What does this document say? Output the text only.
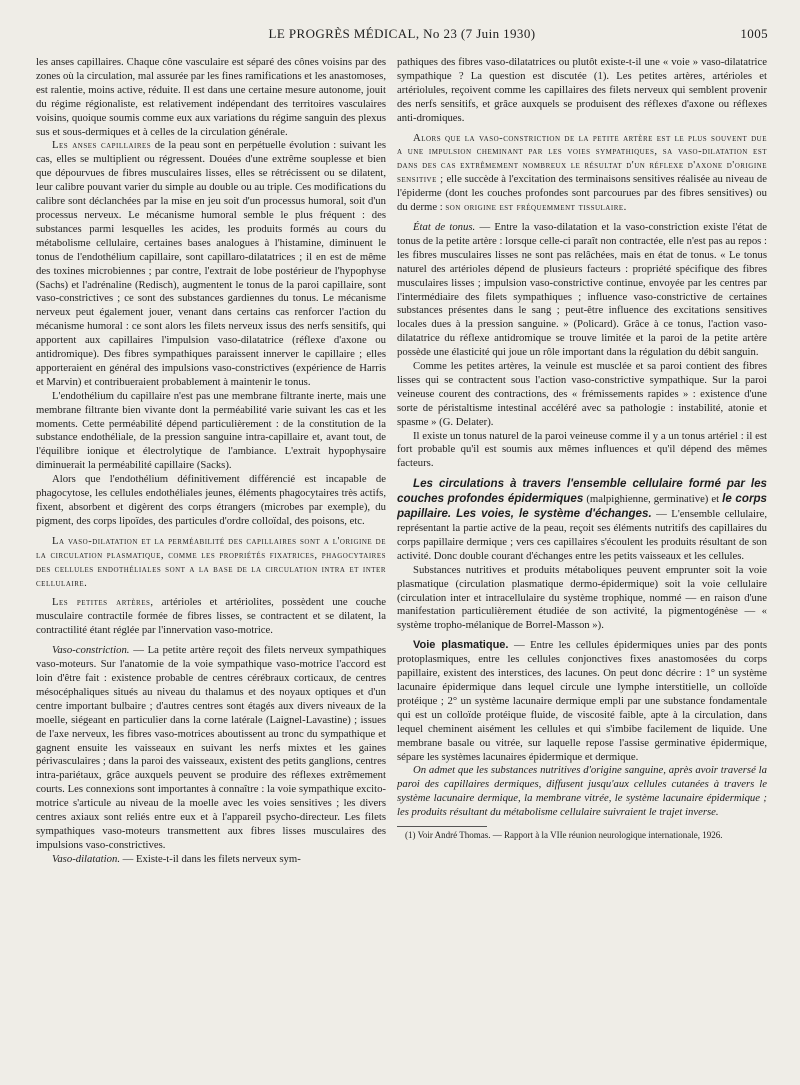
LE PROGRÈS MÉDICAL, No 23 (7 Juin 1930)	1005

les anses capillaires. Chaque cône vasculaire est séparé des cônes voisins par des zones où la circulation, mal assurée par les fines ramifications et les anastomoses, est ralentie, moins active, réduite. Il est dans une certaine mesure autonome, jouit du régime régionaliste, est relativement indépendant des territoires vasculaires voisins, quoique soumis comme eux aux variations du régime sanguin des plexus sus et sous-dermiques et à celles de la circulation générale.

Les anses capillaires de la peau sont en perpétuelle évolution : suivant les cas, elles se multiplient ou régressent. Douées d'une extrême souplesse et bien que dépourvues de fibres musculaires lisses, elles se rétrécissent ou se dilatent, leur calibre pouvant varier du simple au double ou au triple. Ces modifications du calibre sont déclanchées par la mise en jeu soit d'un processus humoral, soit d'un processus nerveux. Le mécanisme humoral semble le plus fréquent : des substances parmi lesquelles les acides, les produits formés au cours du métabolisme cellulaire, certaines bases analogues à l'histamine, diminuent le tonus de l'endothélium capillaire, sont capillaro-dilatatrices ; il en est de même des toxines microbiennes ; par contre, l'extrait de lobe postérieur de l'hypophyse (Sachs) et l'adrénaline (Redisch), augmentent le tonus de la paroi capillaire, sont vaso-constrictives ; ce sont des substances gardiennes du tonus. Le mécanisme nerveux peut également jouer, venant dans certains cas renforcer l'action du mécanisme humoral : ce sont alors les filets nerveux issus des nerfs sensitifs, qui apportent aux capillaires l'impulsion vaso-dilatatrice (réflexe d'axone ou antidromique). Des fibres sympathiques paraissent innerver le capillaire ; elles apporteraient en général des impulsions vaso-constrictives (expérience de Harris et Marvin) et contribueraient probablement à maintenir le tonus.

L'endothélium du capillaire n'est pas une membrane filtrante inerte, mais une membrane filtrante bien vivante dont la perméabilité varie suivant les cas et les moments. Cette perméabilité dépend particulièrement : de la constitution de la substance endothéliale, de la pression sanguine intra-capillaire et, avant tout, de l'équilibre ionique et électrolytique de l'ambiance. L'extrait hypophysaire diminuerait la perméabilité capillaire (Sacks).

Alors que l'endothélium définitivement différencié est incapable de phagocytose, les cellules endothéliales jeunes, éléments phagocytaires très actifs, fixent, absorbent et digèrent des corps étrangers (microbes par exemple), du pigment, des corps lipoïdes, des particules d'ordre colloïdal, des poisons, etc.

La vaso-dilatation et la perméabilité des capillaires sont a l'origine de la circulation plasmatique, comme les propriétés fixatrices, phagocytaires des cellules endothéliales sont a la base de la circulation intra et inter cellulaire.

Les petites artères, artérioles et artériolites, possèdent une couche musculaire contractile formée de fibres lisses, se contractent et se dilatent, la contractilité étant réglée par l'innervation vaso-motrice.

Vaso-constriction. — La petite artère reçoit des filets nerveux sympathiques vaso-moteurs. Sur l'anatomie de la voie sympathique vaso-motrice l'accord est loin d'être fait : existence probable de centres cérébraux corticaux, de centres mésocéphaliques situés au niveau du thalamus et des noyaux optiques et d'un centre important bulbaire ; d'autres centres sont étagés aux divers niveaux de la moelle, siégeant en particulier dans la corne latérale (Laignel-Lavastine) ; issues de l'axe nerveux, les fibres vaso-motrices aboutissent au tronc du sympathique et gagnent ensuite les vaisseaux en suivant les nerfs mixtes et les gaines périvasculaires ; dans la paroi des vaisseaux, existent des petits ganglions, centres intra-pariétaux, grâce auxquels peuvent se produire des réflexes extrêmement courts. Les connexions sont importantes à connaître : la voie sympathique excito-motrice s'articule au niveau de la moelle avec les voies sensitives ; les divers centres axiaux sont reliés entre eux et à l'appareil psycho-directeur. Les filets sympathiques vaso-moteurs transmettent aux fibres lisses musculaires des impulsions vaso-constrictives.

Vaso-dilatation. — Existe-t-il dans les filets nerveux sym-

pathiques des fibres vaso-dilatatrices ou plutôt existe-t-il une « voie » vaso-dilatatrice sympathique ? La question est discutée (1). Les petites artères, artérioles et artériolules, reçoivent comme les capillaires des filets nerveux qui semblent provenir des nerfs sensitifs, et grâce auxquels se produisent des réflexes d'axone ou réflexes anti-dromiques.

Alors que la vaso-constriction de la petite artère est le plus souvent due a une impulsion cheminant par les voies sympathiques, sa vaso-dilatation est dans des cas extrêmement nombreux le résultat d'un réflexe d'axone d'origine sensitive ; elle succède à l'excitation des terminaisons sensitives réalisée au niveau de l'épiderme (dont les couches profondes sont parcourues par des fibres sensitives) ou du derme : son origine est fréquemment tissulaire.

État de tonus. — Entre la vaso-dilatation et la vaso-constriction existe l'état de tonus de la petite artère : lorsque celle-ci paraît non contractée, elle n'est pas au repos : les fibres musculaires lisses ne sont pas relâchées, mais en état de tonus. « Le tonus naturel des artérioles dépend de plusieurs facteurs : propriété spécifique des fibres musculaires lisses ; impulsion vaso-constrictive continue, envoyée par les centres par l'intermédiaire des filets sympathiques ; influence vaso-constrictive de certaines substances présentes dans le sang ; peut-être influence des excitations sensitives locales dues à la pression sanguine. » (Policard). Grâce à ce tonus, l'action vaso-dilatatrice du réflexe antidromique se trouve limitée et la paroi de la petite artère possède une élasticité qui joue un rôle important dans la régulation du débit sanguin.

Comme les petites artères, la veinule est musclée et sa paroi contient des fibres lisses qui se contractent sous l'action vaso-constrictive sympathique. Sur la paroi veineuse courent des contractions, des « frémissements rapides » : existence d'une sorte de péristaltisme intestinal accéléré avec sa pathologie : instabilité, atonie et spasme » (G. Delater).

Il existe un tonus naturel de la paroi veineuse comme il y a un tonus artériel : il est fort probable qu'il est soumis aux mêmes influences et qu'il dépend des mêmes facteurs.

Les circulations à travers l'ensemble cellulaire formé par les couches profondes épidermiques (malpighienne, germinative) et le corps papillaire. Les voies, le système d'échanges. — L'ensemble cellulaire, représentant la partie active de la peau, reçoit ses éléments nutritifs des capillaires du corps papillaire dermique ; vers ces capillaires s'écoulent les produits résultant de son activité. Donc double courant d'échanges entre les petits vaisseaux et les cellules.

Substances nutritives et produits métaboliques peuvent emprunter soit la voie plasmatique (circulation plasmatique dermo-épidermique) soit la voie cellulaire (circulation inter et intracellulaire du système trophique, nommé — en raison d'une manifestation particulièrement étudiée de son activité, la pigmentogénèse — « système tropho-mélanique de Borrel-Masson »).

Voie plasmatique. — Entre les cellules épidermiques unies par des ponts protoplasmiques, entre les cellules conjonctives fixes anastomosées du corps papillaire, existent des interstices, des lacunes. On peut donc décrire : 1° un système lacunaire épidermique dans lequel circule une lymphe interstitielle, un colloïde protéique ; 2° un système lacunaire dermique empli par une substance fondamentale qui est un colloïde protéique fluide, de viscosité faible, apte à la circulation, dans lequel cheminent aisément les cellules et qui s'imbibe facilement de liquide. Une membrane basale ou vitrée, sur laquelle repose l'assise germinative épidermique, sépare les systèmes lacunaires épidermique et dermique.

On admet que les substances nutritives d'origine sanguine, après avoir traversé la paroi des capillaires dermiques, diffusent jusqu'aux cellules cutanées à travers le système lacunaire dermique, la membrane vitrée, le système lacunaire épidermique ; les produits résultant du métabolisme cellulaire suivraient le trajet inverse.

(1) Voir André Thomas. — Rapport à la VIIe réunion neurologique internationale, 1926.
